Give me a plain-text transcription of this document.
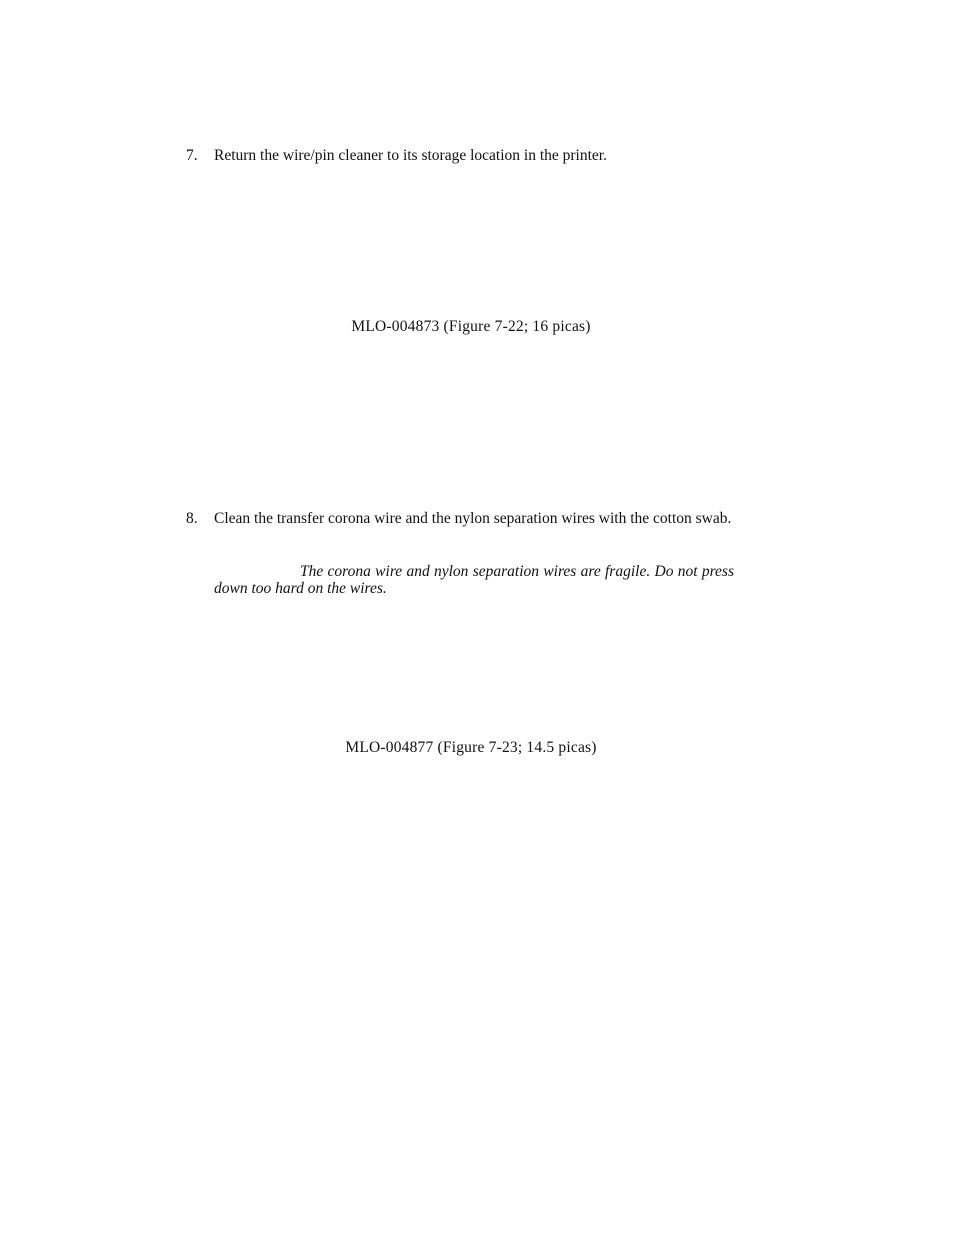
7.	Return the wire/pin cleaner to its storage location in the printer.
MLO-004873 (Figure 7-22; 16 picas)
8.	Clean the transfer corona wire and the nylon separation wires with the cotton swab.
The corona wire and nylon separation wires are fragile. Do not press down too hard on the wires.
MLO-004877 (Figure 7-23; 14.5 picas)
